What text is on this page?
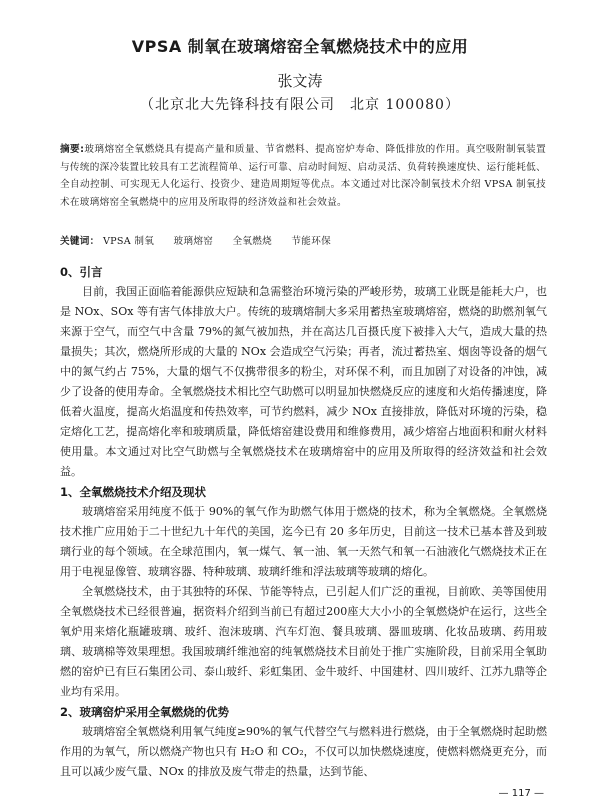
VPSA 制氧在玻璃熔窑全氧燃烧技术中的应用
张文涛
（北京北大先锋科技有限公司　北京 100080）
摘要:玻璃熔窑全氧燃烧具有提高产量和质量、节省燃料、提高窑炉寿命、降低排放的作用。真空吸附制氧装置与传统的深冷装置比较具有工艺流程简单、运行可靠、启动时间短、启动灵活、负荷转换速度快、运行能耗低、全自动控制、可实现无人化运行、投资少、建造周期短等优点。本文通过对比深冷制氧技术介绍 VPSA 制氧技术在玻璃熔窑全氧燃烧中的应用及所取得的经济效益和社会效益。
关键词： VPSA 制氧 玻璃熔窑 全氧燃烧 节能环保

0、引言

目前，我国正面临着能源供应短缺和急需整治环境污染的严峻形势，玻璃工业既是能耗大户，也是 NOx、SOx 等有害气体排放大户。传统的玻璃熔制大多采用蓄热室玻璃熔窑，燃烧的助燃剂氧气来源于空气，而空气中含量 79%的氮气被加热，并在高达几百摄氏度下被排入大气，造成大量的热量损失；其次，燃烧所形成的大量的 NOx 会造成空气污染；再者，流过蓄热室、烟囱等设备的烟气中的氮气约占 75%，大量的烟气不仅携带很多的粉尘，对环保不利，而且加剧了对设备的冲蚀，减少了设备的使用寿命。全氧燃烧技术相比空气助燃可以明显加快燃烧反应的速度和火焰传播速度，降低着火温度，提高火焰温度和传热效率，可节约燃料，减少 NOx 直接排放，降低对环境的污染，稳定熔化工艺，提高熔化率和玻璃质量，降低熔窑建设费用和维修费用，减少熔窑占地面积和耐火材料使用量。本文通过对比空气助燃与全氧燃烧技术在玻璃熔窑中的应用及所取得的经济效益和社会效益。

1、全氧燃烧技术介绍及现状

玻璃熔窑采用纯度不低于 90%的氧气作为助燃气体用于燃烧的技术，称为全氧燃烧。全氧燃烧技术推广应用始于二十世纪九十年代的美国，迄今已有 20 多年历史，目前这一技术已基本普及到玻璃行业的每个领域。在全球范围内，氧一煤气、氧一油、氧一天然气和氧一石油液化气燃烧技术正在用于电视显像管、玻璃容器、特种玻璃、玻璃纤维和浮法玻璃等玻璃的熔化。

全氧燃烧技术，由于其独特的环保、节能等特点，已引起人们广泛的重视，目前欧、美等国使用全氧燃烧技术已经很普遍，据资料介绍到当前已有超过200座大大小小的全氧燃烧炉在运行，这些全氧炉用来熔化瓶罐玻璃、玻纤、泡沫玻璃、汽车灯泡、餐具玻璃、器皿玻璃、化妆品玻璃、药用玻璃、玻璃棉等效果理想。我国玻璃纤维池窑的纯氧燃烧技术目前处于推广实施阶段，目前采用全氧助燃的窑炉已有巨石集团公司、泰山玻纤、彩虹集团、金牛玻纤、中国建材、四川玻纤、江苏九鼎等企业均有采用。

2、玻璃窑炉采用全氧燃烧的优势

玻璃熔窑全氧燃烧利用氧气纯度≥90%的氧气代替空气与燃料进行燃烧，由于全氧燃烧时起助燃作用的为氧气，所以燃烧产物也只有 H₂O 和 CO₂，不仅可以加快燃烧速度，使燃料燃烧更充分，而且可以减少废气量、NOx 的排放及废气带走的热量，达到节能、

— 117 —
